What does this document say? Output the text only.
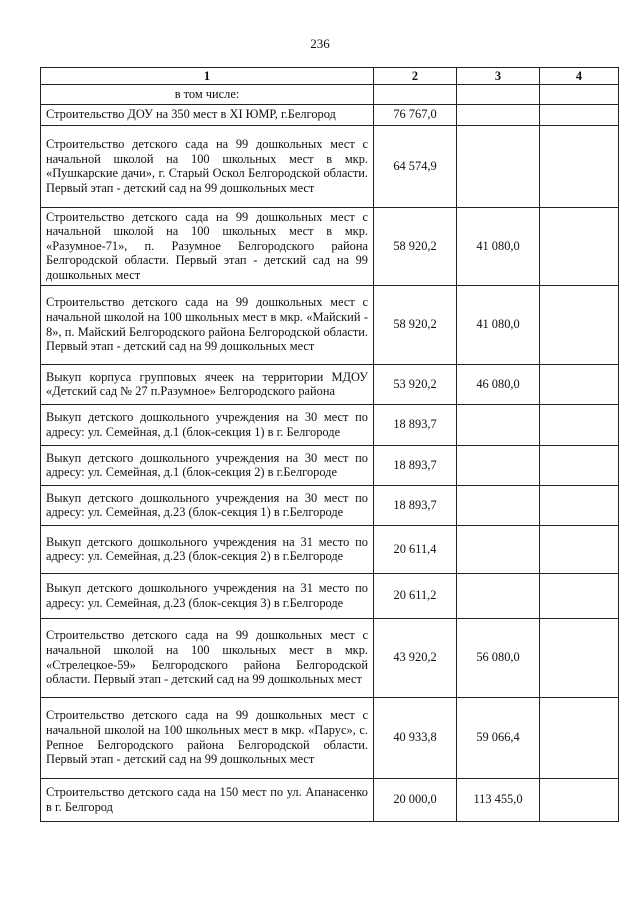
236
1	2	3	4
в том числе:			
Строительство ДОУ на 350 мест в XI ЮМР, г.Белгород	76 767,0		
Строительство детского сада на 99 дошкольных мест с начальной школой на 100 школьных мест в мкр. «Пушкарские дачи», г. Старый Оскол Белгородской области. Первый этап - детский сад на 99 дошкольных мест	64 574,9		
Строительство детского сада на 99 дошкольных мест с начальной школой на 100 школьных мест в мкр. «Разумное-71», п. Разумное Белгородского района Белгородской области. Первый этап - детский сад на 99 дошкольных мест	58 920,2	41 080,0	
Строительство детского сада на 99 дошкольных мест с начальной школой на 100 школьных мест в мкр. «Майский - 8», п. Майский Белгородского района Белгородской области. Первый этап - детский сад на 99 дошкольных мест	58 920,2	41 080,0	
Выкуп корпуса групповых ячеек на территории МДОУ «Детский сад № 27 п.Разумное» Белгородского района	53 920,2	46 080,0	
Выкуп детского дошкольного учреждения на 30 мест по адресу: ул. Семейная, д.1 (блок-секция 1) в г. Белгороде	18 893,7		
Выкуп детского дошкольного учреждения на 30 мест по адресу: ул. Семейная, д.1 (блок-секция 2) в г.Белгороде	18 893,7		
Выкуп детского дошкольного учреждения на 30 мест по адресу: ул. Семейная, д.23 (блок-секция 1) в г.Белгороде	18 893,7		
Выкуп детского дошкольного учреждения на 31 место по адресу: ул. Семейная, д.23 (блок-секция 2) в г.Белгороде	20 611,4		
Выкуп детского дошкольного учреждения на 31 место по адресу: ул. Семейная, д.23 (блок-секция 3) в г.Белгороде	20 611,2		
Строительство детского сада на 99 дошкольных мест с начальной школой на 100 школьных мест в мкр. «Стрелецкое-59» Белгородского района Белгородской области. Первый этап - детский сад на 99 дошкольных мест	43 920,2	56 080,0	
Строительство детского сада на 99 дошкольных мест с начальной школой на 100 школьных мест в мкр. «Парус», с. Репное Белгородского района Белгородской области. Первый этап - детский сад на 99 дошкольных мест	40 933,8	59 066,4	
Строительство детского сада на 150 мест по ул. Апанасенко в г. Белгород	20 000,0	113 455,0	
